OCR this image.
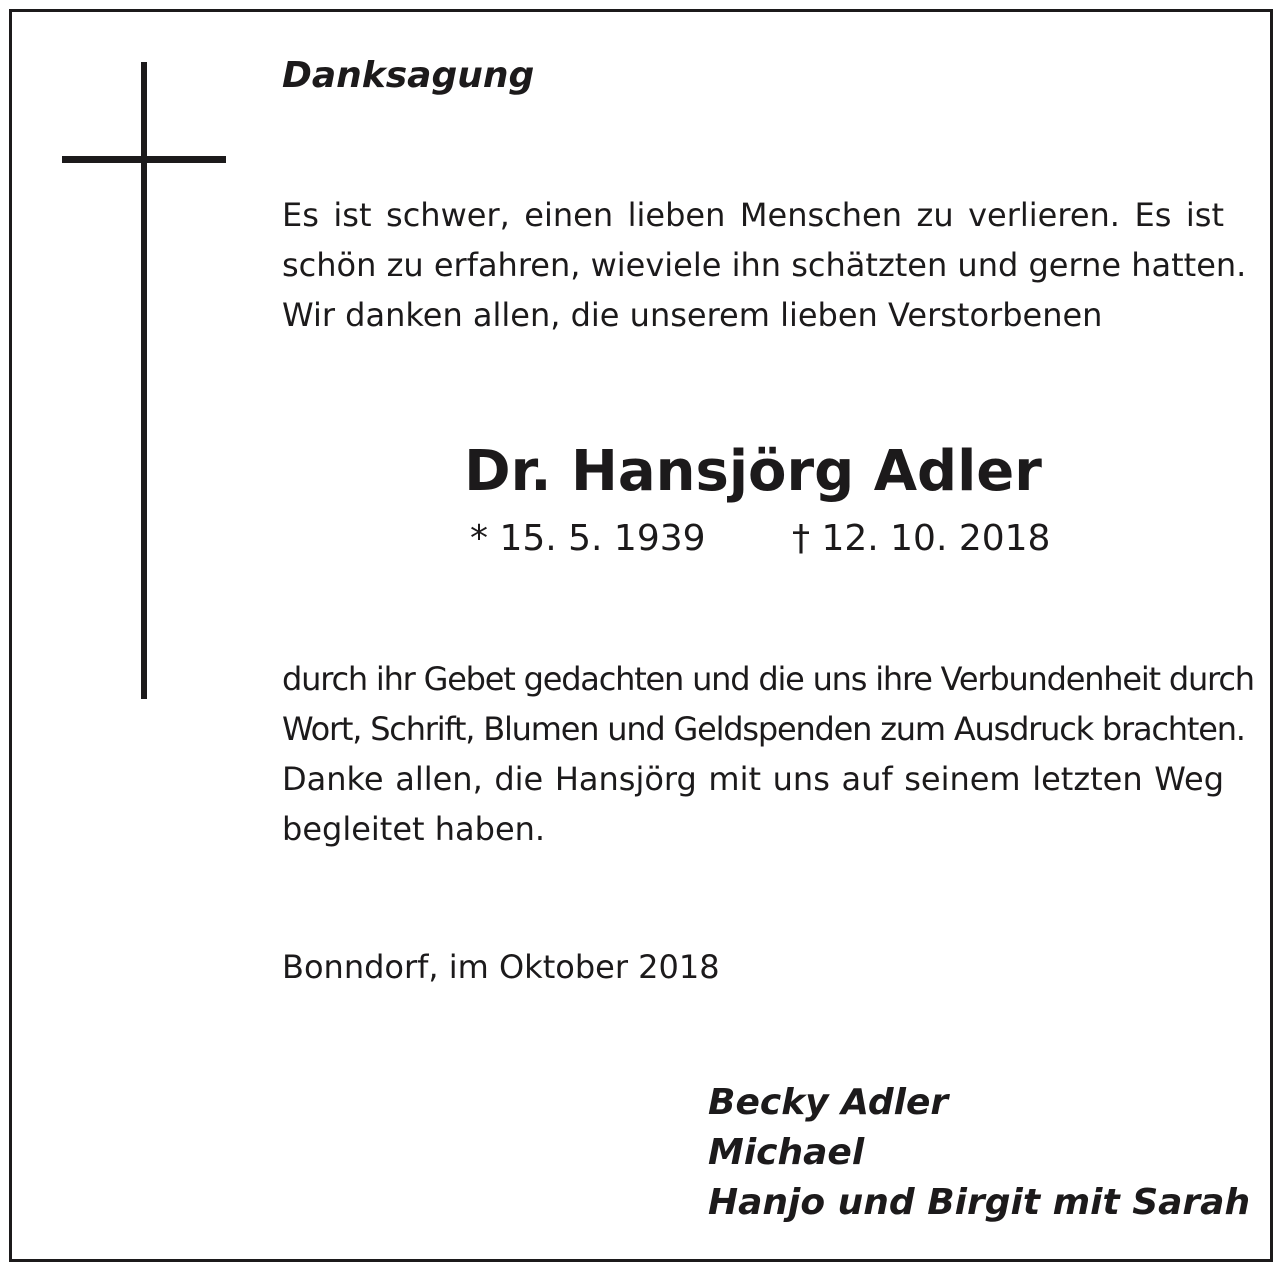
Danksagung

Es ist schwer, einen lieben Menschen zu verlieren. Es ist
schön zu erfahren, wieviele ihn schätzten und gerne hatten.
Wir danken allen, die unserem lieben Verstorbenen

Dr. Hansjörg Adler
* 15. 5. 1939 † 12. 10. 2018

durch ihr Gebet gedachten und die uns ihre Verbundenheit durch
Wort, Schrift, Blumen und Geldspenden zum Ausdruck brachten.
Danke allen, die Hansjörg mit uns auf seinem letzten Weg
begleitet haben.

Bonndorf, im Oktober 2018
Becky Adler
Michael
Hanjo und Birgit mit Sarah
